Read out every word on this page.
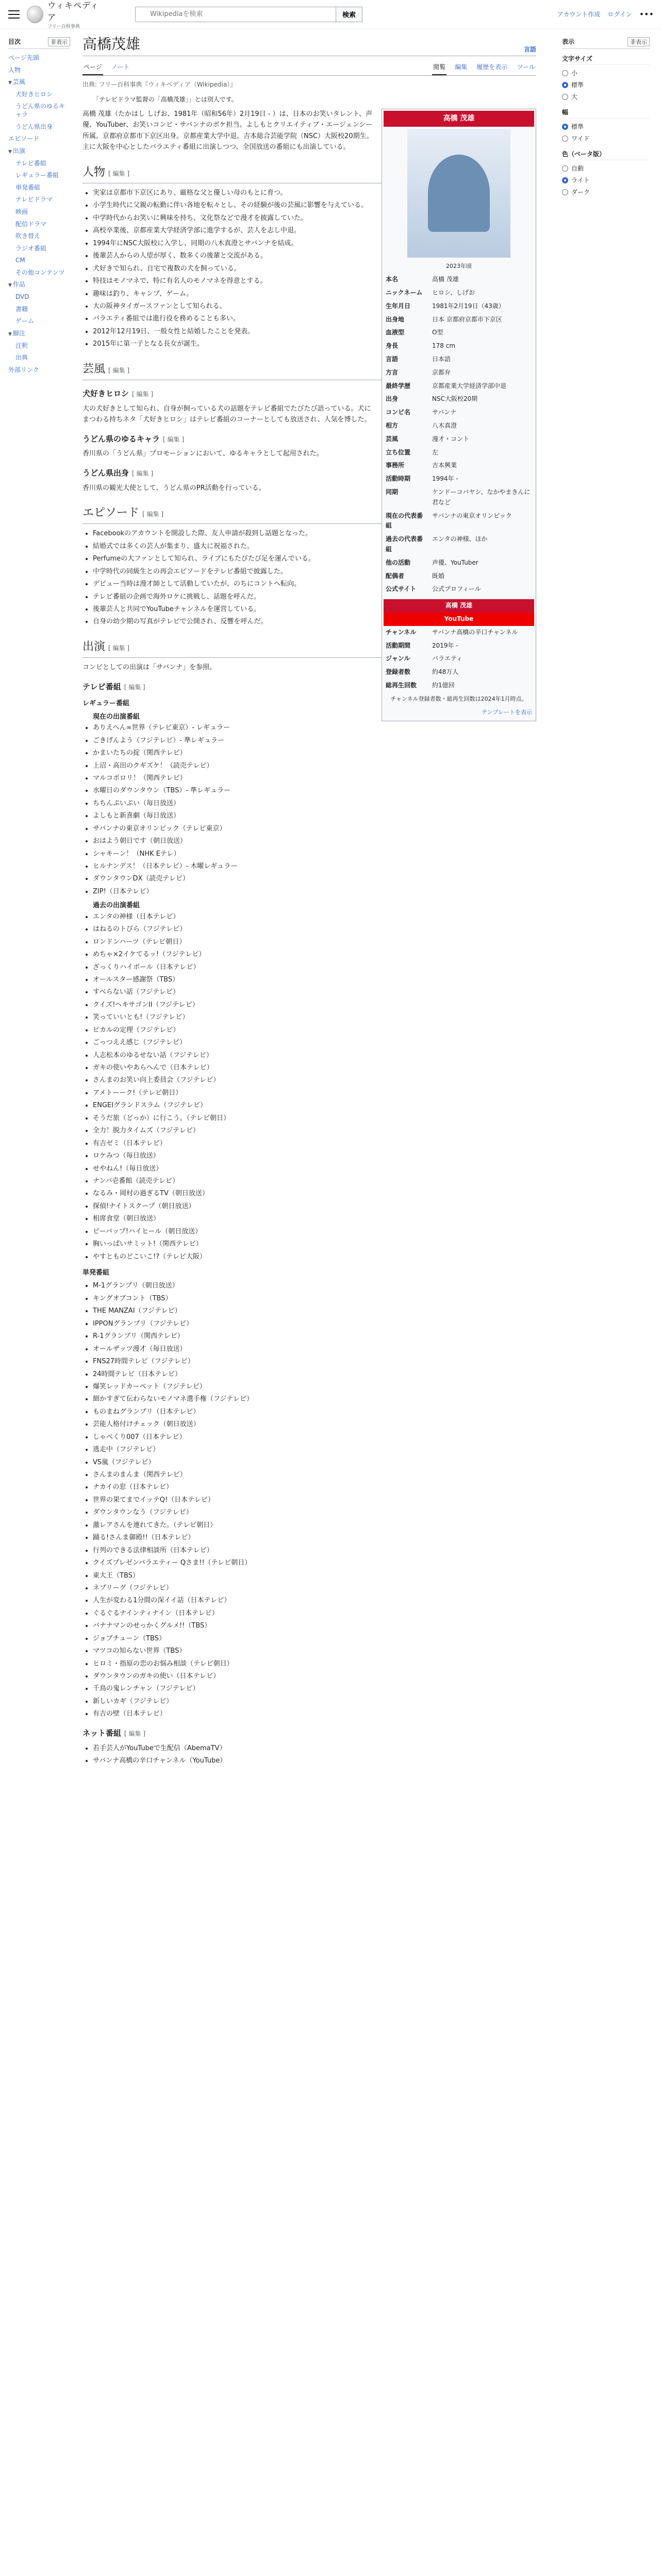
ウィキペディア
フリー百科事典
Wikipediaを検索
検索	アカウント作成 ログイン •••
目次	非表示
ページ先頭
人物
▼ 芸風
犬好きヒロシ
うどん県のゆるキャラ
うどん県出身
エピソード
▼ 出演
テレビ番組
レギュラー番組
単発番組
テレビドラマ
映画
配信ドラマ
吹き替え
ラジオ番組
CM
その他コンテンツ
▼ 作品
DVD
書籍
ゲーム
▼ 脚注
注釈
出典
外部リンク
高橋茂雄	言語
ページ ノート	閲覧 編集 履歴を表示 ツール
出典: フリー百科事典『ウィキペディア（Wikipedia）』
「テレビドラマ監督の「高橋茂雄」」とは別人です。
高橋 茂雄
2023年頃
本名	高橋 茂雄
ニックネーム	ヒロシ、しげお
生年月日	1981年2月19日（43歳）
出身地	日本 京都府京都市下京区
血液型	O型
身長	178 cm
言語	日本語
方言	京都弁
最終学歴	京都産業大学経済学部中退
出身	NSC大阪校20期
コンビ名	サバンナ
相方	八木真澄
芸風	漫才・コント
立ち位置	左
事務所	吉本興業
活動時期	1994年 -
同期	ケンドーコバヤシ、なかやまきんに君など
現在の代表番組	サバンナの東京オリンピック
過去の代表番組	エンタの神様、ほか
他の活動	声優、YouTuber
配偶者	既婚
公式サイト	公式プロフィール
高橋 茂雄
YouTube
チャンネル	サバンナ高橋の辛口チャンネル
活動期間	2019年 -
ジャンル	バラエティ
登録者数	約48万人
総再生回数	約1億回
チャンネル登録者数・総再生回数は2024年1月時点。
テンプレートを表示

高橋 茂雄（たかはし しげお、1981年（昭和56年）2月19日 - ）は、日本のお笑いタレント、声優、YouTuber、お笑いコンビ・サバンナのボケ担当。よしもとクリエイティブ・エージェンシー所属。京都府京都市下京区出身。京都産業大学中退。吉本総合芸能学院（NSC）大阪校20期生。主に大阪を中心としたバラエティ番組に出演しつつ、全国放送の番組にも出演している。

人物 [ 編集 ]
• 実家は京都市下京区にあり、厳格な父と優しい母のもとに育つ。
• 小学生時代に父親の転勤に伴い各地を転々とし、その経験が後の芸風に影響を与えている。
• 中学時代からお笑いに興味を持ち、文化祭などで漫才を披露していた。
• 高校卒業後、京都産業大学経済学部に進学するが、芸人を志し中退。
• 1994年にNSC大阪校に入学し、同期の八木真澄とサバンナを結成。
• 後輩芸人からの人望が厚く、数多くの後輩と交流がある。
• 犬好きで知られ、自宅で複数の犬を飼っている。
• 特技はモノマネで、特に有名人のモノマネを得意とする。
• 趣味は釣り、キャンプ、ゲーム。
• 大の阪神タイガースファンとして知られる。
• バラエティ番組では進行役を務めることも多い。
• 2012年12月19日、一般女性と結婚したことを発表。
• 2015年に第一子となる長女が誕生。
芸風 [ 編集 ]
犬好きヒロシ [ 編集 ]

大の犬好きとして知られ、自身が飼っている犬の話題をテレビ番組でたびたび語っている。犬にまつわる持ちネタ「犬好きヒロシ」はテレビ番組のコーナーとしても放送され、人気を博した。

うどん県のゆるキャラ [ 編集 ]

香川県の「うどん県」プロモーションにおいて、ゆるキャラとして起用された。

うどん県出身 [ 編集 ]

香川県の観光大使として、うどん県のPR活動を行っている。

エピソード [ 編集 ]
• Facebookのアカウントを開設した際、友人申請が殺到し話題となった。
• 結婚式では多くの芸人が集まり、盛大に祝福された。
• Perfumeの大ファンとして知られ、ライブにもたびたび足を運んでいる。
• 中学時代の同級生との再会エピソードをテレビ番組で披露した。
• デビュー当時は漫才師として活動していたが、のちにコントへ転向。
• テレビ番組の企画で海外ロケに挑戦し、話題を呼んだ。
• 後輩芸人と共同でYouTubeチャンネルを運営している。
• 自身の幼少期の写真がテレビで公開され、反響を呼んだ。
出演 [ 編集 ]

コンビとしての出演は「サバンナ」を参照。

テレビ番組 [ 編集 ]
レギュラー番組
現在の出演番組
• ありえへん∞世界（テレビ東京）- レギュラー
• ごきげんよう（フジテレビ）- 準レギュラー
• かまいたちの掟（関西テレビ）
• 上沼・高田のクギズケ！（読売テレビ）
• マルコポロリ！（関西テレビ）
• 水曜日のダウンタウン（TBS）- 準レギュラー
• ちちんぷいぷい（毎日放送）
• よしもと新喜劇（毎日放送）
• サバンナの東京オリンピック（テレビ東京）
• おはよう朝日です（朝日放送）
• シャキーン！（NHK Eテレ）
• ヒルナンデス！（日本テレビ）- 木曜レギュラー
• ダウンタウンDX（読売テレビ）
• ZIP!（日本テレビ）
過去の出演番組
• エンタの神様（日本テレビ）
• はねるのトびら（フジテレビ）
• ロンドンハーツ（テレビ朝日）
• めちゃ×2イケてるッ!（フジテレビ）
• ざっくりハイボール（日本テレビ）
• オールスター感謝祭（TBS）
• すべらない話（フジテレビ）
• クイズ!ヘキサゴンII（フジテレビ）
• 笑っていいとも!（フジテレビ）
• ピカルの定理（フジテレビ）
• ごっつええ感じ（フジテレビ）
• 人志松本のゆるせない話（フジテレビ）
• ガキの使いやあらへんで（日本テレビ）
• さんまのお笑い向上委員会（フジテレビ）
• アメトーーク!（テレビ朝日）
• ENGEIグランドスラム（フジテレビ）
• そうだ旅（どっか）に行こう。（テレビ朝日）
• 全力！脱力タイムズ（フジテレビ）
• 有吉ゼミ（日本テレビ）
• ロケみつ（毎日放送）
• せやねん!（毎日放送）
• ナンバ壱番館（読売テレビ）
• なるみ・岡村の過ぎるTV（朝日放送）
• 探偵!ナイトスクープ（朝日放送）
• 相席食堂（朝日放送）
• ビーバップ!ハイヒール（朝日放送）
• 胸いっぱいサミット!（関西テレビ）
• やすとものどこいこ!?（テレビ大阪）
単発番組
• M-1グランプリ（朝日放送）
• キングオブコント（TBS）
• THE MANZAI（フジテレビ）
• IPPONグランプリ（フジテレビ）
• R-1グランプリ（関西テレビ）
• オールザッツ漫才（毎日放送）
• FNS27時間テレビ（フジテレビ）
• 24時間テレビ（日本テレビ）
• 爆笑レッドカーペット（フジテレビ）
• 細かすぎて伝わらないモノマネ選手権（フジテレビ）
• ものまねグランプリ（日本テレビ）
• 芸能人格付けチェック（朝日放送）
• しゃべくり007（日本テレビ）
• 逃走中（フジテレビ）
• VS嵐（フジテレビ）
• さんまのまんま（関西テレビ）
• ナカイの窓（日本テレビ）
• 世界の果てまでイッテQ!（日本テレビ）
• ダウンタウンなう（フジテレビ）
• 激レアさんを連れてきた。（テレビ朝日）
• 踊る!さんま御殿!!（日本テレビ）
• 行列のできる法律相談所（日本テレビ）
• クイズプレゼンバラエティー Qさま!!（テレビ朝日）
• 東大王（TBS）
• ネプリーグ（フジテレビ）
• 人生が変わる1分間の深イイ話（日本テレビ）
• ぐるぐるナインティナイン（日本テレビ）
• バナナマンのせっかくグルメ!!（TBS）
• ジョブチューン（TBS）
• マツコの知らない世界（TBS）
• ヒロミ・指原の恋のお悩み相談（テレビ朝日）
• ダウンタウンのガキの使い（日本テレビ）
• 千鳥の鬼レンチャン（フジテレビ）
• 新しいカギ（フジテレビ）
• 有吉の壁（日本テレビ）
ネット番組 [ 編集 ]
• 若手芸人がYouTubeで生配信（AbemaTV）
• サバンナ高橋の辛口チャンネル（YouTube）
表示	非表示
文字サイズ
小
標準
大
幅
標準
ワイド
色（ベータ版）
自動
ライト
ダーク
